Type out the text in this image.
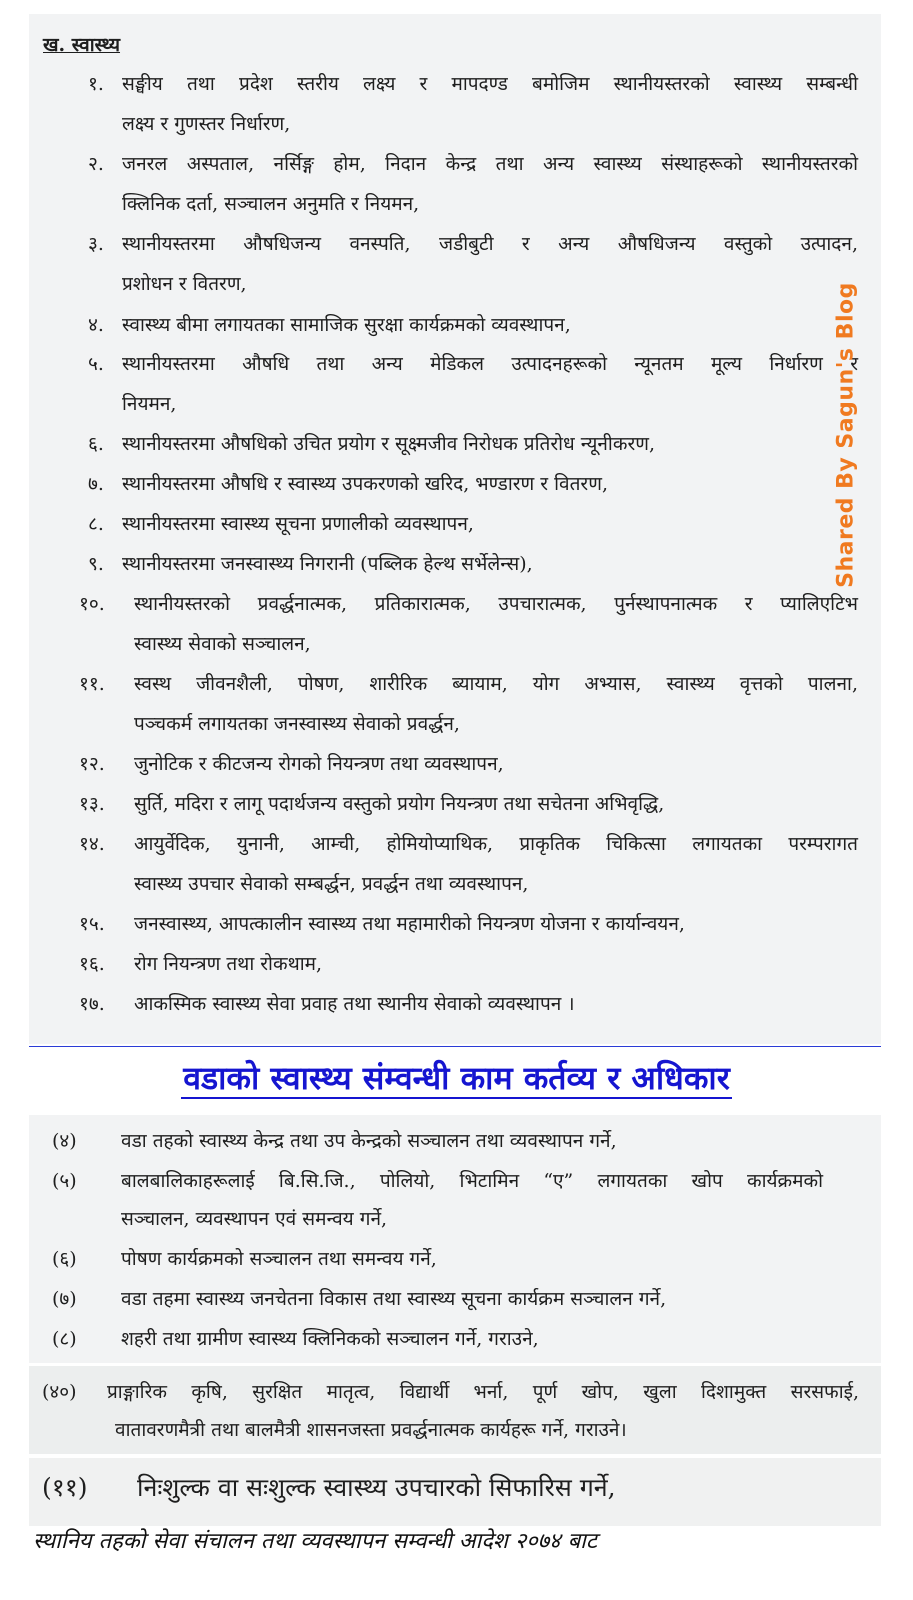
ख. स्वास्थ्य
१. सङ्घीय तथा प्रदेश स्तरीय लक्ष्य र मापदण्ड बमोजिम स्थानीयस्तरको स्वास्थ्य सम्बन्धी
लक्ष्य र गुणस्तर निर्धारण,
२. जनरल अस्पताल, नर्सिङ्ग होम, निदान केन्द्र तथा अन्य स्वास्थ्य संस्थाहरूको स्थानीयस्तरको
क्लिनिक दर्ता, सञ्चालन अनुमति र नियमन,
३. स्थानीयस्तरमा औषधिजन्य वनस्पति, जडीबुटी र अन्य औषधिजन्य वस्तुको उत्पादन,
प्रशोधन र वितरण,
४. स्वास्थ्य बीमा लगायतका सामाजिक सुरक्षा कार्यक्रमको व्यवस्थापन,
५. स्थानीयस्तरमा औषधि तथा अन्य मेडिकल उत्पादनहरूको न्यूनतम मूल्य निर्धारण र
नियमन,
६. स्थानीयस्तरमा औषधिको उचित प्रयोग र सूक्ष्मजीव निरोधक प्रतिरोध न्यूनीकरण,
७. स्थानीयस्तरमा औषधि र स्वास्थ्य उपकरणको खरिद, भण्डारण र वितरण,
८. स्थानीयस्तरमा स्वास्थ्य सूचना प्रणालीको व्यवस्थापन,
९. स्थानीयस्तरमा जनस्वास्थ्य निगरानी (पब्लिक हेल्थ सर्भेलेन्स),
१०. स्थानीयस्तरको प्रवर्द्धनात्मक, प्रतिकारात्मक, उपचारात्मक, पुर्नस्थापनात्मक र प्यालिएटिभ
स्वास्थ्य सेवाको सञ्चालन,
११. स्वस्थ जीवनशैली, पोषण, शारीरिक ब्यायाम, योग अभ्यास, स्वास्थ्य वृत्तको पालना,
पञ्चकर्म लगायतका जनस्वास्थ्य सेवाको प्रवर्द्धन,
१२. जुनोटिक र कीटजन्य रोगको नियन्त्रण तथा व्यवस्थापन,
१३. सुर्ति, मदिरा र लागू पदार्थजन्य वस्तुको प्रयोग नियन्त्रण तथा सचेतना अभिवृद्धि,
१४. आयुर्वेदिक, युनानी, आम्ची, होमियोप्याथिक, प्राकृतिक चिकित्सा लगायतका परम्परागत
स्वास्थ्य उपचार सेवाको सम्बर्द्धन, प्रवर्द्धन तथा व्यवस्थापन,
१५. जनस्वास्थ्य, आपत्कालीन स्वास्थ्य तथा महामारीको नियन्त्रण योजना र कार्यान्वयन,
१६. रोग नियन्त्रण तथा रोकथाम,
१७. आकस्मिक स्वास्थ्य सेवा प्रवाह तथा स्थानीय सेवाको व्यवस्थापन ।
Shared By Sagun's Blog
वडाको स्वास्थ्य संम्वन्धी काम कर्तव्य र अधिकार
(४) वडा तहको स्वास्थ्य केन्द्र तथा उप केन्द्रको सञ्चालन तथा व्यवस्थापन गर्ने,
(५) बालबालिकाहरूलाई बि.सि.जि., पोलियो, भिटामिन “ए” लगायतका खोप कार्यक्रमको
सञ्चालन, व्यवस्थापन एवं समन्वय गर्ने,
(६) पोषण कार्यक्रमको सञ्चालन तथा समन्वय गर्ने,
(७) वडा तहमा स्वास्थ्य जनचेतना विकास तथा स्वास्थ्य सूचना कार्यक्रम सञ्चालन गर्ने,
(८) शहरी तथा ग्रामीण स्वास्थ्य क्लिनिकको सञ्चालन गर्ने, गराउने,
(४०) प्राङ्गारिक कृषि, सुरक्षित मातृत्व, विद्यार्थी भर्ना, पूर्ण खोप, खुला दिशामुक्त सरसफाई,
वातावरणमैत्री तथा बालमैत्री शासनजस्ता प्रवर्द्धनात्मक कार्यहरू गर्ने, गराउने।
(११) निःशुल्क वा सःशुल्क स्वास्थ्य उपचारको सिफारिस गर्ने,

स्थानिय तहको सेवा संचालन तथा व्यवस्थापन सम्वन्धी आदेश २०७४ बाट
